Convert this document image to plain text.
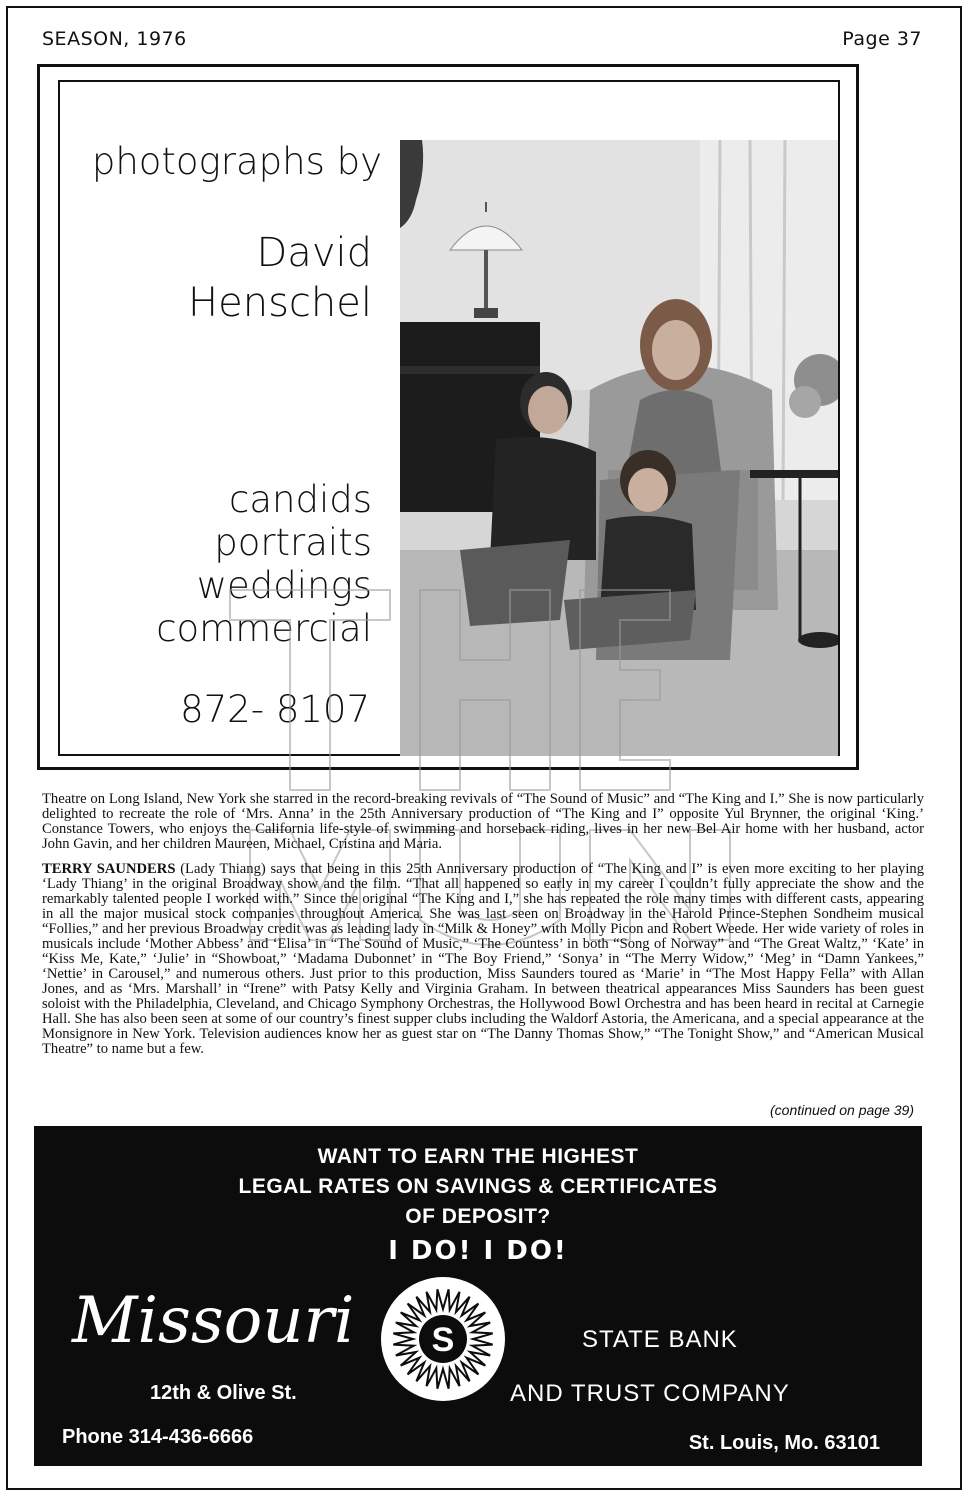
SEASON, 1976	Page 37
photographs by
David
Henschel
candids
portraits
weddings
commercial
872- 8107

Theatre on Long Island, New York she starred in the record-breaking revivals of “The Sound of Music” and “The King and I.” She is now particularly delighted to recreate the role of ‘Mrs. Anna’ in the 25th Anniversary production of “The King and I” opposite Yul Brynner, the original ‘King.’ Constance Towers, who enjoys the California life-style of swimming and horseback riding, lives in her new Bel Air home with her husband, actor John Gavin, and her children Maureen, Michael, Cristina and Maria.

TERRY SAUNDERS (Lady Thiang) says that being in this 25th Anniversary production of “The King and I” is even more exciting to her playing ‘Lady Thiang’ in the original Broadway show and the film. “That all happened so early in my career I couldn’t fully appreciate the show and the remarkably talented people I worked with.” Since the original “The King and I,” she has repeated the role many times with different casts, appearing in all the major musical stock companies throughout America. She was last seen on Broadway in the Harold Prince-Stephen Sondheim musical “Follies,” and her previous Broadway credit was as leading lady in “Milk & Honey” with Molly Picon and Robert Weede. Her wide variety of roles in musicals include ‘Mother Abbess’ and ‘Elisa’ in “The Sound of Music,” ‘The Countess’ in both “Song of Norway” and “The Great Waltz,” ‘Kate’ in “Kiss Me, Kate,” ‘Julie’ in “Showboat,” ‘Madama Dubonnet’ in “The Boy Friend,” ‘Sonya’ in “The Merry Widow,” ‘Meg’ in “Damn Yankees,” ‘Nettie’ in Carousel,” and numerous others. Just prior to this production, Miss Saunders toured as ‘Marie’ in “The Most Happy Fella” with Allan Jones, and as ‘Mrs. Marshall’ in “Irene” with Patsy Kelly and Virginia Graham. In between theatrical appearances Miss Saunders has been guest soloist with the Philadelphia, Cleveland, and Chicago Symphony Orchestras, the Hollywood Bowl Orchestra and has been heard in recital at Carnegie Hall. She has also been seen at some of our country’s finest supper clubs including the Waldorf Astoria, the Americana, and a special appearance at the Monsignore in New York. Television audiences know her as guest star on “The Danny Thomas Show,” “The Tonight Show,” and “American Musical Theatre” to name but a few.

(continued on page 39)
WANT TO EARN THE HIGHEST
LEGAL RATES ON SAVINGS & CERTIFICATES
OF DEPOSIT?
I DO! I DO!
Missouri S	STATE BANK
AND TRUST COMPANY
12th & Olive St.
Phone 314-436-6666	St. Louis, Mo. 63101
